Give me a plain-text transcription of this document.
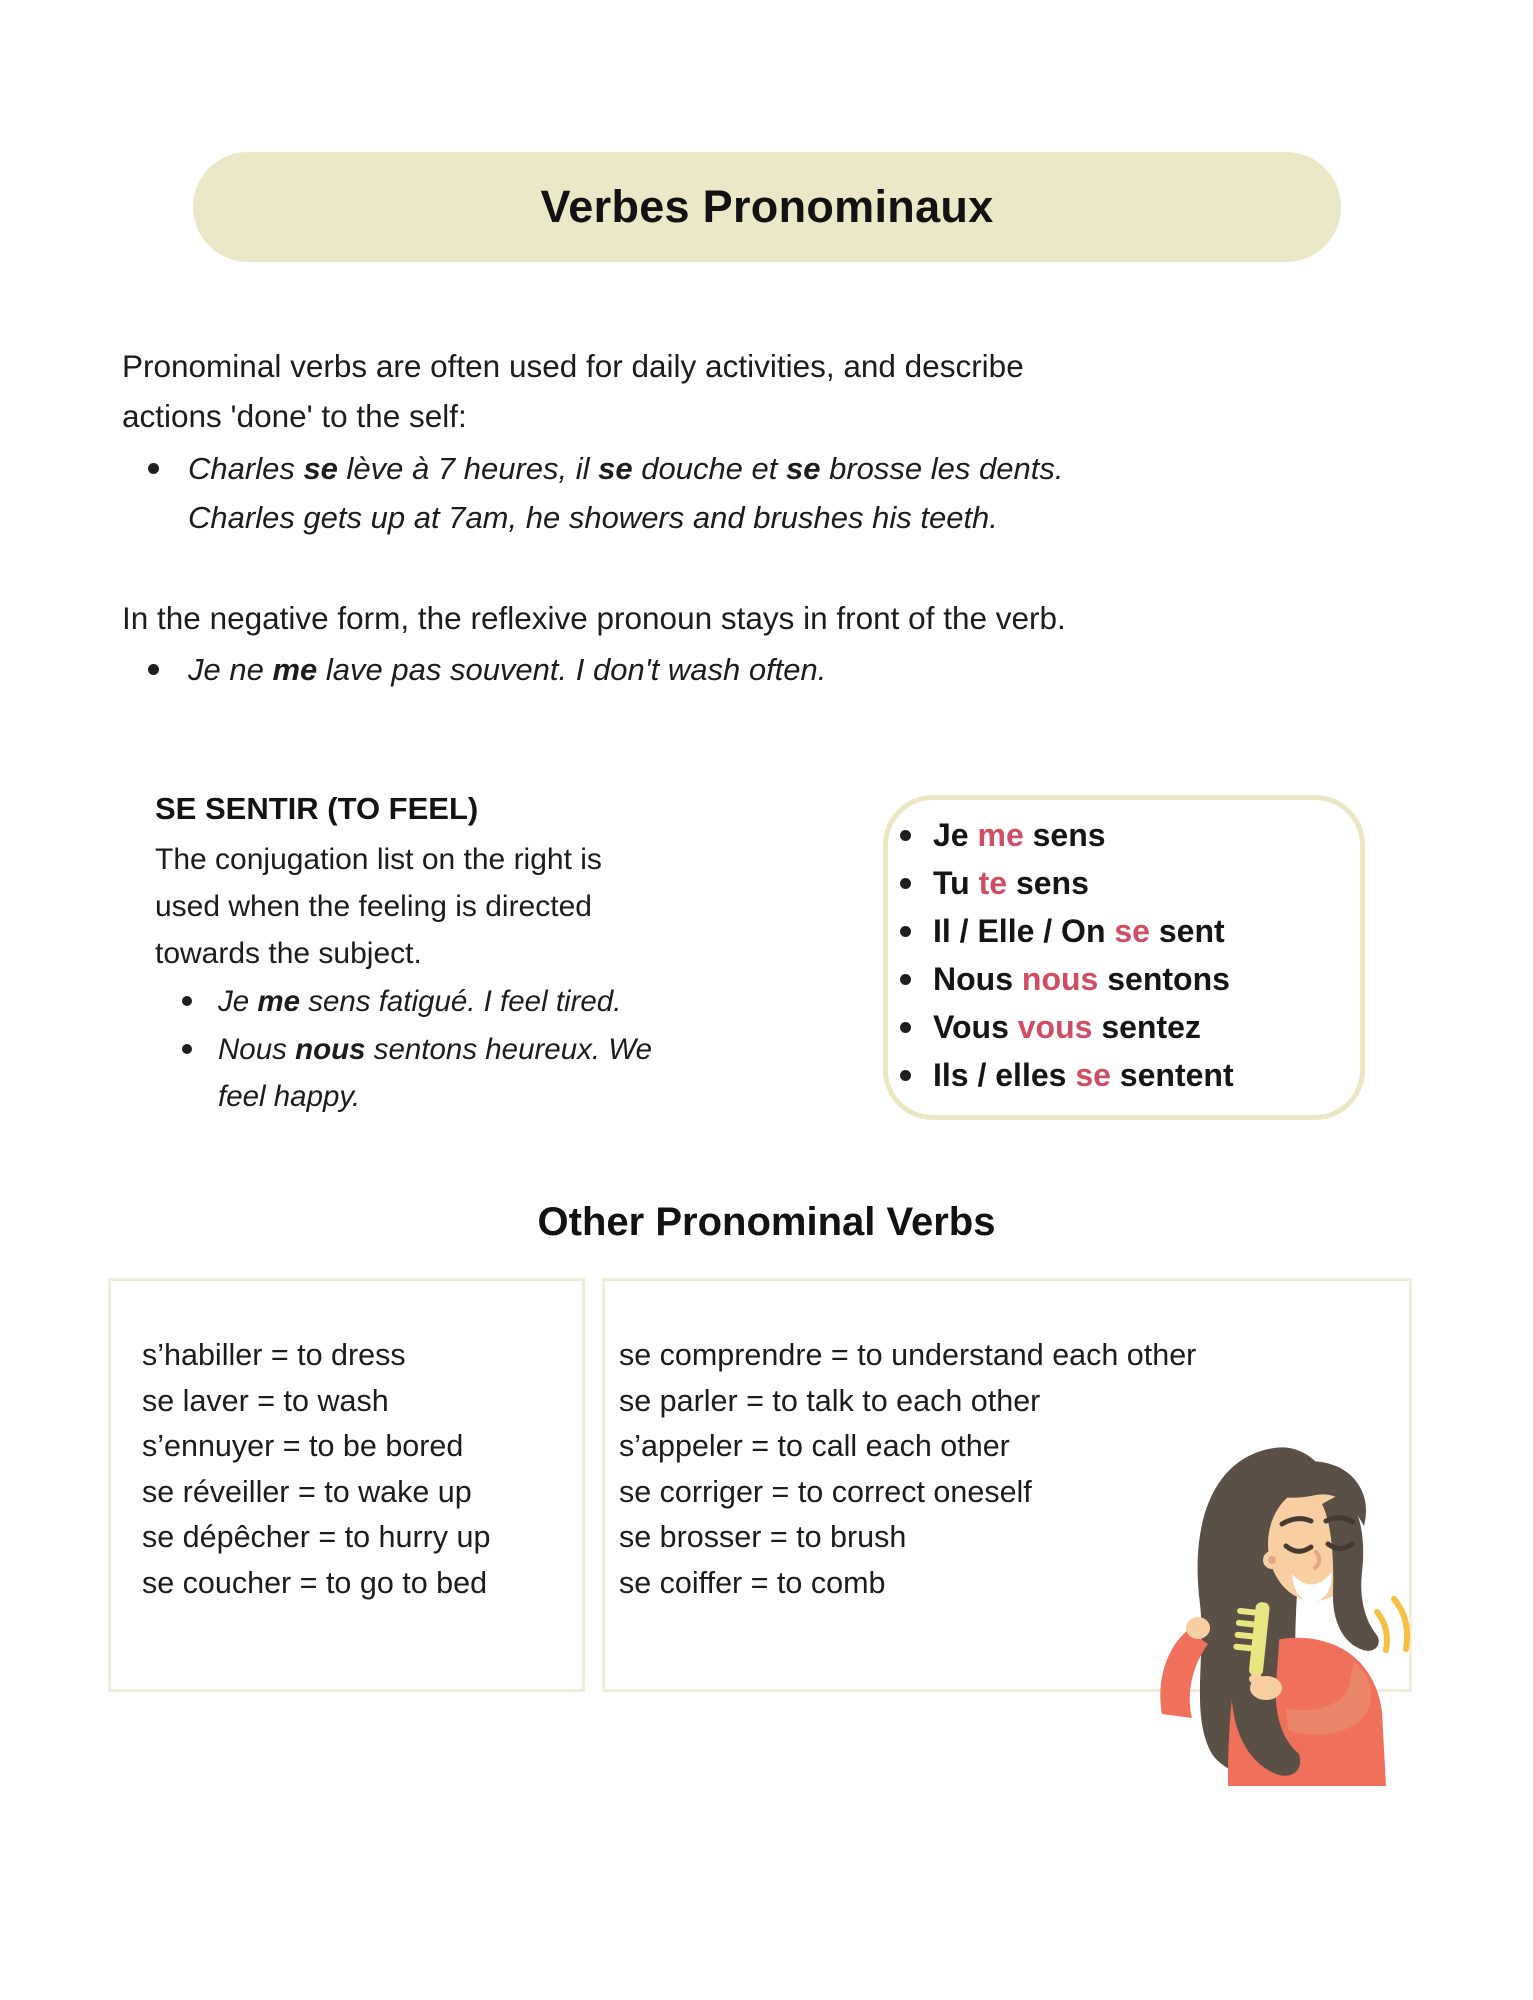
Verbes Pronominaux

Pronominal verbs are often used for daily activities, and describe
actions 'done' to the self:

Charles se lève à 7 heures, il se douche et se brosse les dents.
Charles gets up at 7am, he showers and brushes his teeth.

In the negative form, the reflexive pronoun stays in front of the verb.

Je ne me lave pas souvent. I don't wash often.

SE SENTIR (TO FEEL)

The conjugation list on the right is
used when the feeling is directed
towards the subject.

Je me sens fatigué. I feel tired.

Nous nous sentons heureux. We
feel happy.

Je me sens
Tu te sens
Il / Elle / On se sent
Nous nous sentons
Vous vous sentez
Ils / elles se sentent
Other Pronominal Verbs
s’habiller = to dress
se laver = to wash
s’ennuyer = to be bored
se réveiller = to wake up
se dépêcher = to hurry up
se coucher = to go to bed
se comprendre = to understand each other
se parler = to talk to each other
s’appeler = to call each other
se corriger = to correct oneself
se brosser = to brush
se coiffer = to comb
